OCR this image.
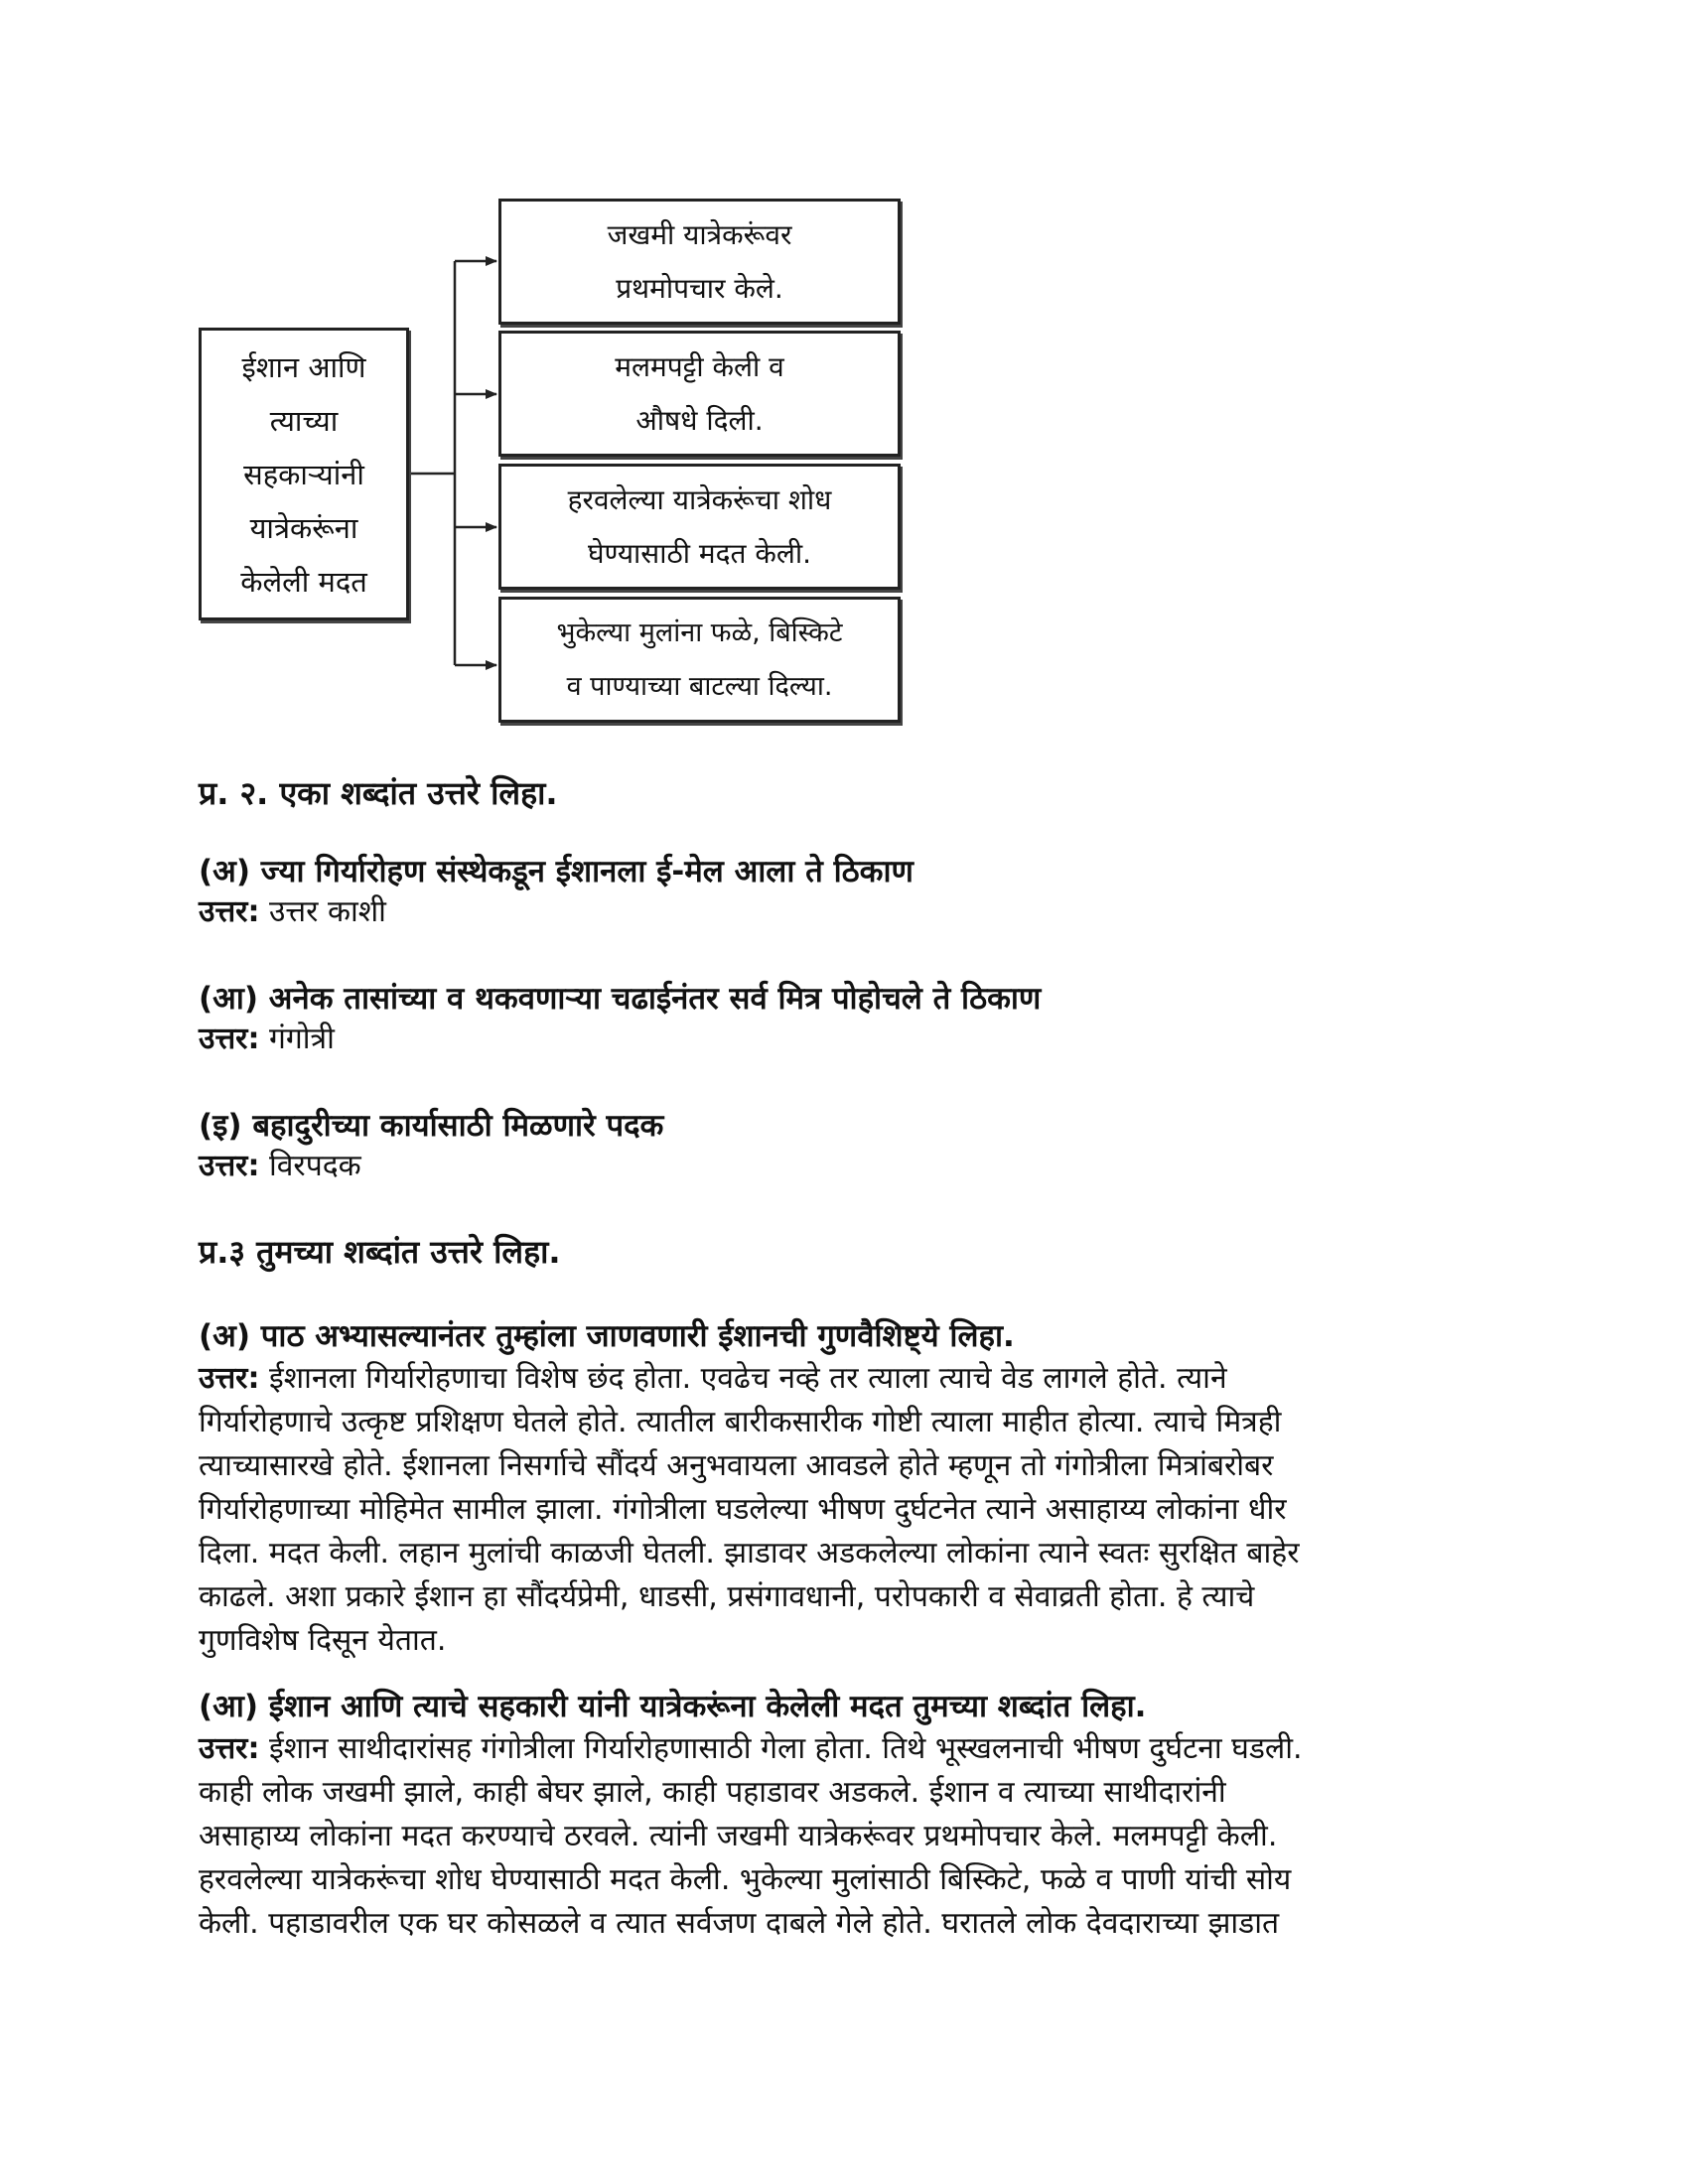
ईशान आणि
त्याच्या
सहकाऱ्यांनी
यात्रेकरूंना
केलेली मदत
जखमी यात्रेकरूंवर
प्रथमोपचार केले.
मलमपट्टी केली व
औषधे दिली.
हरवलेल्या यात्रेकरूंचा शोध
घेण्यासाठी मदत केली.
भुकेल्या मुलांना फळे, बिस्किटे
व पाण्याच्या बाटल्या दिल्या.
प्र. २. एका शब्दांत उत्तरे लिहा.
(अ) ज्या गिर्यारोहण संस्थेकडून ईशानला ई-मेल आला ते ठिकाण
उत्तर: उत्तर काशी
(आ) अनेक तासांच्या व थकवणाऱ्या चढाईनंतर सर्व मित्र पोहोचले ते ठिकाण
उत्तर: गंगोत्री
(इ) बहादुरीच्या कार्यासाठी मिळणारे पदक
उत्तर: विरपदक
प्र.३ तुमच्या शब्दांत उत्तरे लिहा.
(अ) पाठ अभ्यासल्यानंतर तुम्हांला जाणवणारी ईशानची गुणवैशिष्ट्ये लिहा.
उत्तर: ईशानला गिर्यारोहणाचा विशेष छंद होता. एवढेच नव्हे तर त्याला त्याचे वेड लागले होते. त्याने
गिर्यारोहणाचे उत्कृष्ट प्रशिक्षण घेतले होते. त्यातील बारीकसारीक गोष्टी त्याला माहीत होत्या. त्याचे मित्रही
त्याच्यासारखे होते. ईशानला निसर्गाचे सौंदर्य अनुभवायला आवडले होते म्हणून तो गंगोत्रीला मित्रांबरोबर
गिर्यारोहणाच्या मोहिमेत सामील झाला. गंगोत्रीला घडलेल्या भीषण दुर्घटनेत त्याने असाहाय्य लोकांना धीर
दिला. मदत केली. लहान मुलांची काळजी घेतली. झाडावर अडकलेल्या लोकांना त्याने स्वतः सुरक्षित बाहेर
काढले. अशा प्रकारे ईशान हा सौंदर्यप्रेमी, धाडसी, प्रसंगावधानी, परोपकारी व सेवाव्रती होता. हे त्याचे
गुणविशेष दिसून येतात.
(आ) ईशान आणि त्याचे सहकारी यांनी यात्रेकरूंना केलेली मदत तुमच्या शब्दांत लिहा.
उत्तर: ईशान साथीदारांसह गंगोत्रीला गिर्यारोहणासाठी गेला होता. तिथे भूस्खलनाची भीषण दुर्घटना घडली.
काही लोक जखमी झाले, काही बेघर झाले, काही पहाडावर अडकले. ईशान व त्याच्या साथीदारांनी
असाहाय्य लोकांना मदत करण्याचे ठरवले. त्यांनी जखमी यात्रेकरूंवर प्रथमोपचार केले. मलमपट्टी केली.
हरवलेल्या यात्रेकरूंचा शोध घेण्यासाठी मदत केली. भुकेल्या मुलांसाठी बिस्किटे, फळे व पाणी यांची सोय
केली. पहाडावरील एक घर कोसळले व त्यात सर्वजण दाबले गेले होते. घरातले लोक देवदाराच्या झाडात
